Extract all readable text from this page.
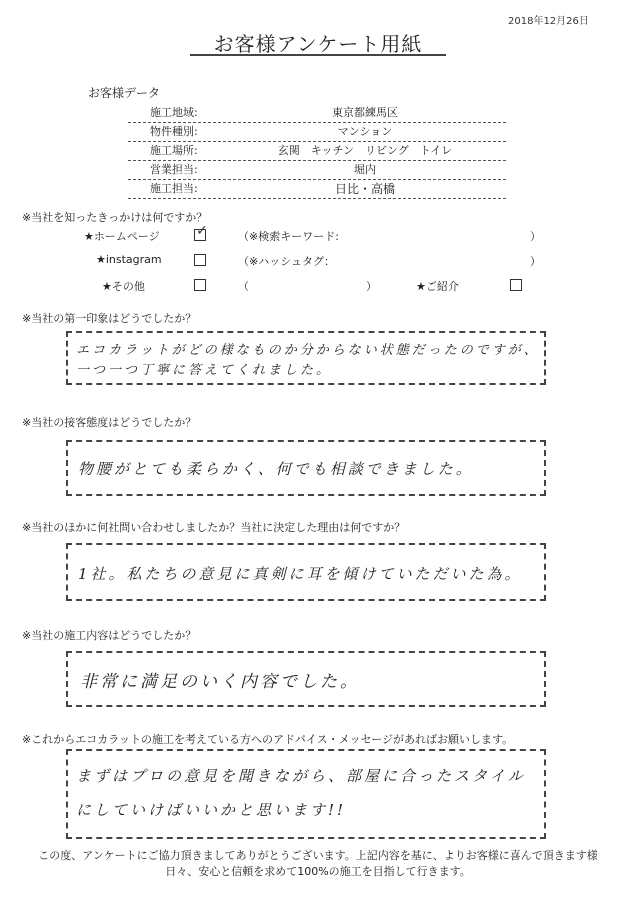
2018年12月26日
お客様アンケート用紙
お客様データ
施工地域:	東京都練馬区
物件種別:	マンション
施工場所:	玄関　キッチン　リビング　トイレ
営業担当:	堀内
施工担当:	日比・高橋
※当社を知ったきっかけは何ですか？
★ホームページ	✓	（※検索キーワード:	）
★instagram	（※ハッシュタグ：	）
★その他	（	）	★ご紹介
※当社の第一印象はどうでしたか？
エコカラットがどの様なものか分からない状態だったのですが、
一つ一つ丁寧に答えてくれました。
※当社の接客態度はどうでしたか？
物腰がとても柔らかく、何でも相談できました。
※当社のほかに何社問い合わせしましたか？当社に決定した理由は何ですか？
1社。私たちの意見に真剣に耳を傾けていただいた為。
※当社の施工内容はどうでしたか？
非常に満足のいく内容でした。
※これからエコカラットの施工を考えている方へのアドバイス・メッセージがあればお願いします。
まずはプロの意見を聞きながら、部屋に合ったスタイル
にしていけばいいかと思います!!
この度、アンケートにご協力頂きましてありがとうございます。上記内容を基に、よりお客様に喜んで頂きます様
日々、安心と信頼を求めて100%の施工を目指して行きます。
